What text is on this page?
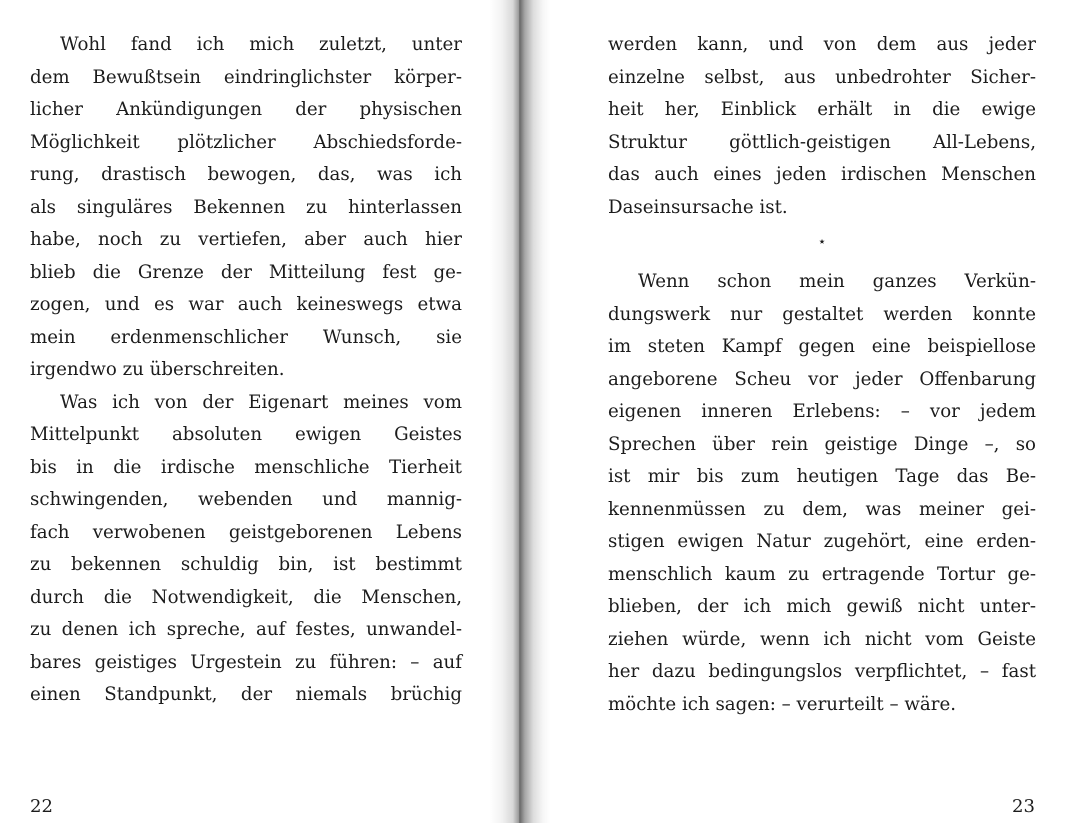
Wohl fand ich mich zuletzt, unter
dem Bewußtsein eindringlichster körper-
licher Ankündigungen der physischen
Möglichkeit plötzlicher Abschiedsforde-
rung, drastisch bewogen, das, was ich
als singuläres Bekennen zu hinterlassen
habe, noch zu vertiefen, aber auch hier
blieb die Grenze der Mitteilung fest ge-
zogen, und es war auch keineswegs etwa
mein erdenmenschlicher Wunsch, sie
irgendwo zu überschreiten.
Was ich von der Eigenart meines vom
Mittelpunkt absoluten ewigen Geistes
bis in die irdische menschliche Tierheit
schwingenden, webenden und mannig-
fach verwobenen geistgeborenen Lebens
zu bekennen schuldig bin, ist bestimmt
durch die Notwendigkeit, die Menschen,
zu denen ich spreche, auf festes, unwandel-
bares geistiges Urgestein zu führen: – auf
einen Standpunkt, der niemals brüchig
22
werden kann, und von dem aus jeder
einzelne selbst, aus unbedrohter Sicher-
heit her, Einblick erhält in die ewige
Struktur göttlich-geistigen All-Lebens,
das auch eines jeden irdischen Menschen
Daseinsursache ist.
⋆
Wenn schon mein ganzes Verkün-
dungswerk nur gestaltet werden konnte
im steten Kampf gegen eine beispiellose
angeborene Scheu vor jeder Offenbarung
eigenen inneren Erlebens: – vor jedem
Sprechen über rein geistige Dinge –, so
ist mir bis zum heutigen Tage das Be-
kennenmüssen zu dem, was meiner gei-
stigen ewigen Natur zugehört, eine erden-
menschlich kaum zu ertragende Tortur ge-
blieben, der ich mich gewiß nicht unter-
ziehen würde, wenn ich nicht vom Geiste
her dazu bedingungslos verpflichtet, – fast
möchte ich sagen: – verurteilt – wäre.
23
